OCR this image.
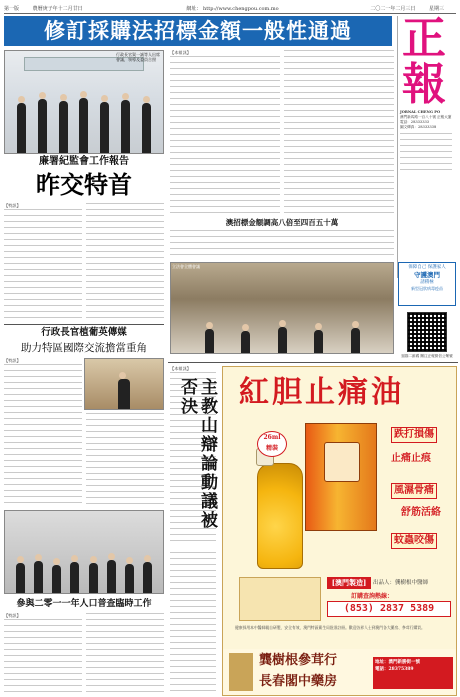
第一版	農曆庚子年十二月廿日	網址： http://www.chengpou.com.mo	二〇二一年二月三日	星期三
修訂採購法招標金額一般性通過
行政長官賀一誠等人出席會議，領導及委員合照
廉署紀監會工作報告
昨交特首
【特訊】
行政長官植葡英傳媒
助力特區國際交流擔當重角
【特訊】
參與二零一一年人口普查臨時工作
【特訊】
【本報訊】
澳招標金額調高八倍至四百五十萬
立法會全體會議
正
報
JORNAL CHENG PO
澳門新馬路一百八十號 正報大廈
電話：28333333
圖文傳真：28333338
保障自己 保護家人
守護澳門
請積極
新型冠狀病毒疫苗
掃描二維碼 關注正報微信公眾號
【本報訊】
主教山辯論動議被否決	紅胆止痛油
26ml
精裝
跌打損傷
止痛止痕
風濕骨痛
舒筋活絡
蚊蟲咬傷
[澳門製造]	出品人：龔樹根中醫師
訂購查詢熱線：
(853) 2837 5389
健康採用本中醫師親自研製，安全有效，澳門特區衛生局批准註冊。歡迎各界人士到澳門各大藥房、參茸行購買。
龔樹根參茸行
長春閣中藥房
地址：澳門新勝街一號
電話：28375389
